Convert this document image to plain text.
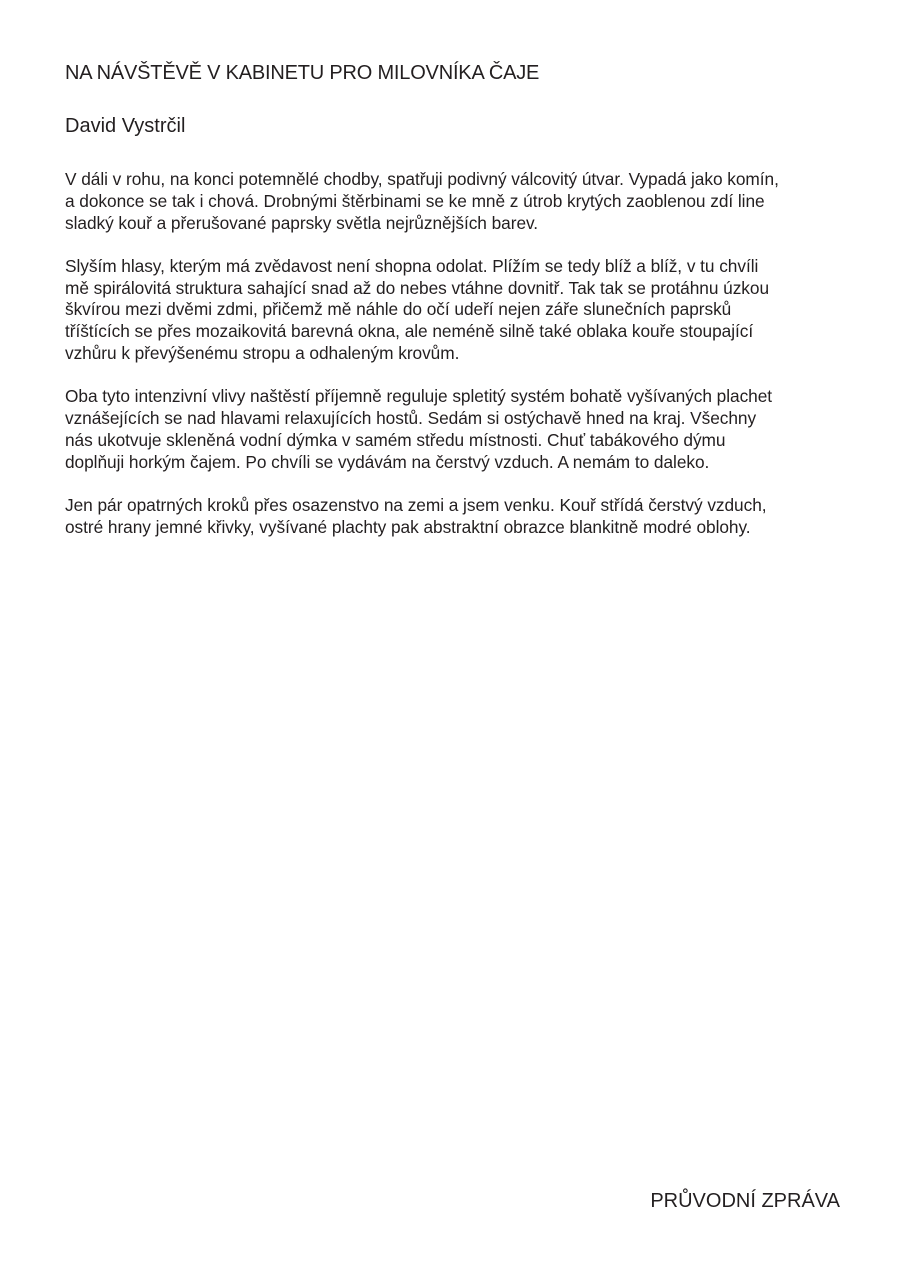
NA NÁVŠTĚVĚ V KABINETU PRO MILOVNÍKA ČAJE
David Vystrčil

V dáli v rohu, na konci potemnělé chodby, spatřuji podivný válcovitý útvar. Vypadá jako komín,
a dokonce se tak i chová. Drobnými štěrbinami se ke mně z útrob krytých zaoblenou zdí line
sladký kouř a přerušované paprsky světla nejrůznějších barev.

Slyším hlasy, kterým má zvědavost není shopna odolat. Plížím se tedy blíž a blíž, v tu chvíli
mě spirálovitá struktura sahající snad až do nebes vtáhne dovnitř. Tak tak se protáhnu úzkou
škvírou mezi dvěmi zdmi, přičemž mě náhle do očí udeří nejen záře slunečních paprsků
tříštících se přes mozaikovitá barevná okna, ale neméně silně také oblaka kouře stoupající
vzhůru k převýšenému stropu a odhaleným krovům.

Oba tyto intenzivní vlivy naštěstí příjemně reguluje spletitý systém bohatě vyšívaných plachet
vznášejících se nad hlavami relaxujících hostů. Sedám si ostýchavě hned na kraj. Všechny
nás ukotvuje skleněná vodní dýmka v samém středu místnosti. Chuť tabákového dýmu
doplňuji horkým čajem. Po chvíli se vydávám na čerstvý vzduch. A nemám to daleko.

Jen pár opatrných kroků přes osazenstvo na zemi a jsem venku. Kouř střídá čerstvý vzduch,
ostré hrany jemné křivky, vyšívané plachty pak abstraktní obrazce blankitně modré oblohy.

PRŮVODNÍ ZPRÁVA
